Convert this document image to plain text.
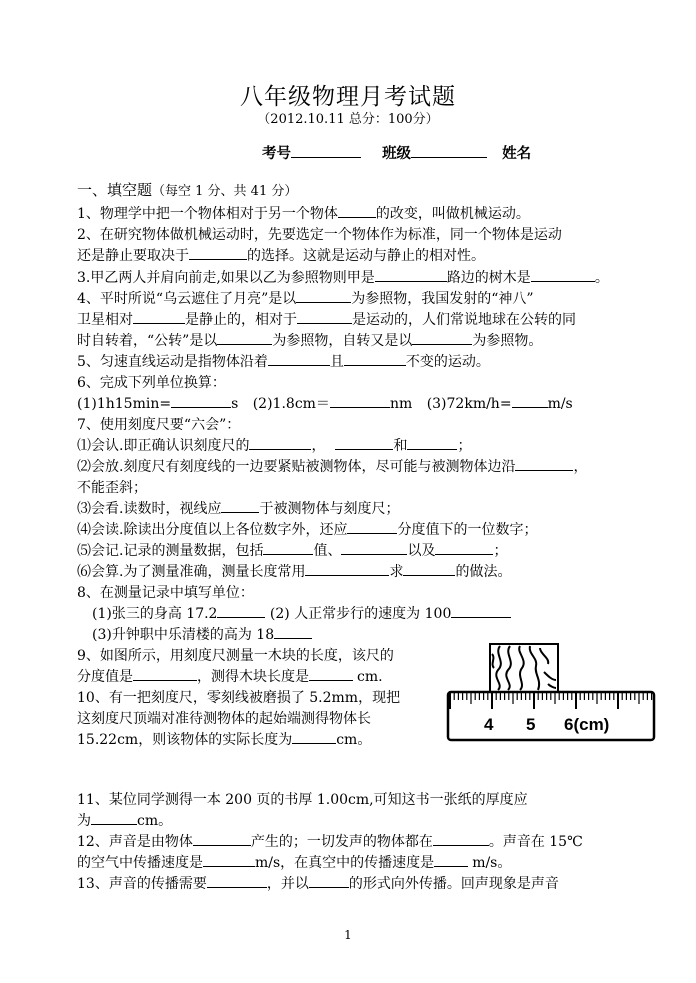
八年级物理月考试题
（2012.10.11 总分：100分）
考号	班级	姓名
一、填空题（每空 1 分、共 41 分）
1、物理学中把一个物体相对于另一个物体	的改变，叫做机械运动。
2、在研究物体做机械运动时，先要选定一个物体作为标准，同一个物体是运动
还是静止要取决于	的选择。这就是运动与静止的相对性。
3.甲乙两人并肩向前走,如果以乙为参照物则甲是	路边的树木是	。
4、平时所说“乌云遮住了月亮”是以	为参照物，我国发射的“神八”
卫星相对	是静止的，相对于	是运动的，人们常说地球在公转的同
时自转着，“公转”是以	为参照物，自转又是以	为参照物。
5、匀速直线运动是指物体沿着	且	不变的运动。
6、完成下列单位换算：
(1)1h15min=	s (2)1.8cm＝	nm (3)72km/h=	m/s
7、使用刻度尺要“六会”：
⑴会认.即正确认识刻度尺的	，	和	；
⑵会放.刻度尺有刻度线的一边要紧贴被测物体，尽可能与被测物体边沿	，
不能歪斜；
⑶会看.读数时，视线应	于被测物体与刻度尺；
⑷会读.除读出分度值以上各位数字外，还应	分度值下的一位数字；
⑸会记.记录的测量数据，包括	值、	以及	；
⑹会算.为了测量准确，测量长度常用	求	的做法。
8、在测量记录中填写单位：
(1)张三的身高 17.2	(2) 人正常步行的速度为 100
(3)升钟职中乐清楼的高为 18
9、如图所示，用刻度尺测量一木块的长度，该尺的
分度值是	，测得木块长度是	cm.
10、有一把刻度尺，零刻线被磨损了 5.2mm，现把
这刻度尺顶端对准待测物体的起始端测得物体长
15.22cm，则该物体的实际长度为	cm。
4 5 6(cm)
11、某位同学测得一本 200 页的书厚 1.00cm,可知这书一张纸的厚度应
为	cm。
12、声音是由物体	产生的；一切发声的物体都在	。声音在 15℃
的空气中传播速度是	m/s，在真空中的传播速度是	m/s。
13、声音的传播需要	，并以	的形式向外传播。回声现象是声音
1
